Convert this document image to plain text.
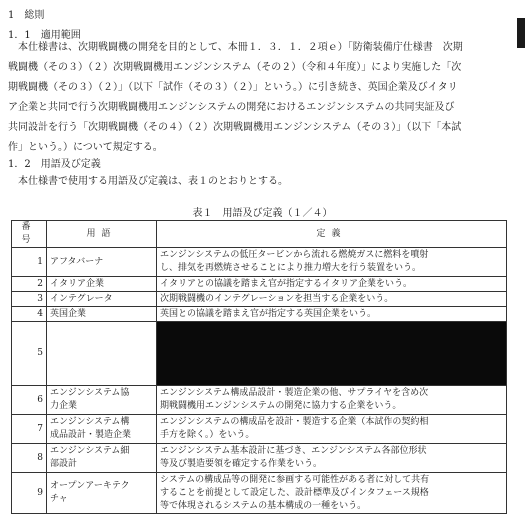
1　総則
1．1　適用範囲
本仕様書は、次期戦闘機の開発を目的として、本冊１．３．１．２項ｅ）「防衛装備庁仕様書　次期
戦闘機（その３）（２）次期戦闘機用エンジンシステム（その２）（令和４年度）」により実施した「次
期戦闘機（その３）（２）」（以下「試作（その３）（２）」という。）に引き続き、英国企業及びイタリ
ア企業と共同で行う次期戦闘機用エンジンシステムの開発におけるエンジンシステムの共同実証及び
共同設計を行う「次期戦闘機（その４）（２）次期戦闘機用エンジンシステム（その３）」（以下「本試
作」という。）について規定する。
1．2　用語及び定義
本仕様書で使用する用語及び定義は、表１のとおりとする。
表１　用語及び定義（１／４）
番号	用語	定義
1	アフタバーナ	エンジンシステムの低圧タービンから流れる燃焼ガスに燃料を噴射
し、排気を再燃焼させることにより推力増大を行う装置をいう。

2	イタリア企業	イタリアとの協議を踏まえ官が指定するイタリア企業をいう。

3	インテグレータ	次期戦闘機のインテグレーションを担当する企業をいう。

4	英国企業	英国との協議を踏まえ官が指定する英国企業をいう。

5		
6	エンジンシステム協
力企業	エンジンシステム構成品設計・製造企業の他、サプライヤを含め次
期戦闘機用エンジンシステムの開発に協力する企業をいう。

7	エンジンシステム構
成品設計・製造企業	エンジンシステムの構成品を設計・製造する企業（本試作の契約相
手方を除く。）をいう。

8	エンジンシステム細
部設計	エンジンシステム基本設計に基づき、エンジンシステム各部位形状
等及び製造要領を確定する作業をいう。

9	オープンアーキテク
チャ	システムの構成品等の開発に参画する可能性がある者に対して共有
することを前提として設定した、設計標準及びインタフェース規格
等で体現されるシステムの基本構成の一種をいう。
